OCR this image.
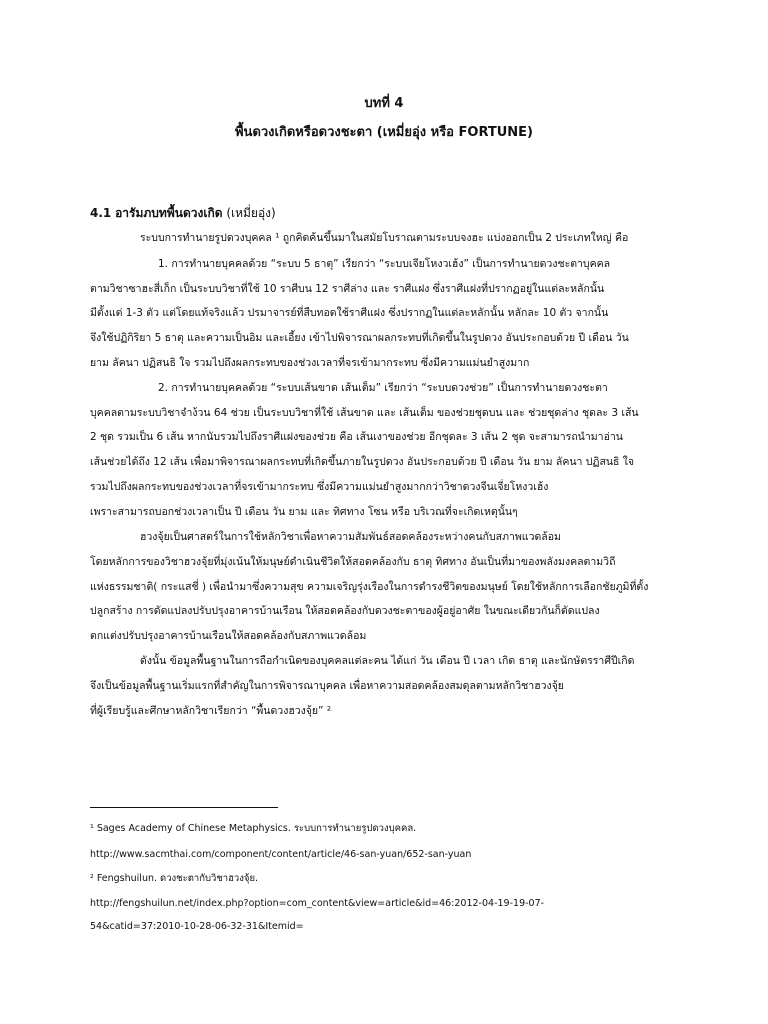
บทที่ 4
พื้นดวงเกิดหรือดวงชะตา (เหมี่ยอุ่ง หรือ FORTUNE)
4.1 อารัมภบทพื้นดวงเกิด (เหมี่ยอุ่ง)
ระบบการทำนายรูปดวงบุคคล ¹ ถูกคิดค้นขึ้นมาในสมัยโบราณตามระบบจงฮะ แบ่งออกเป็น 2 ประเภทใหญ่ คือ
1. การทำนายบุคคลด้วย “ระบบ 5 ธาตุ” เรียกว่า “ระบบเจียโหงวเฮ้ง” เป็นการทำนายดวงชะตาบุคคล
ตามวิชาซาฮะสี่เก็ก เป็นระบบวิชาที่ใช้ 10 ราศีบน 12 ราศีล่าง และ ราศีแฝง ซึ่งราศีแฝงที่ปรากฏอยู่ในแต่ละหลักนั้น
มีตั้งแต่ 1-3 ตัว แต่โดยแท้จริงแล้ว ปรมาจารย์ที่สืบทอดใช้ราศีแฝง ซึ่งปรากฏในแต่ละหลักนั้น หลักละ 10 ตัว จากนั้น
จึงใช้ปฏิกิริยา 5 ธาตุ และความเป็นอิม และเอี้ยง เข้าไปพิจารณาผลกระทบที่เกิดขึ้นในรูปดวง อันประกอบด้วย ปี เดือน วัน
ยาม ลัคนา ปฏิสนธิ ใจ รวมไปถึงผลกระทบของช่วงเวลาที่จรเข้ามากระทบ ซึ่งมีความแม่นยำสูงมาก
2. การทำนายบุคคลด้วย “ระบบเส้นขาด เส้นเต็ม” เรียกว่า “ระบบดวงช่วย” เป็นการทำนายดวงชะตา
บุคคลตามระบบวิชาจำง้วน 64 ช่วย เป็นระบบวิชาที่ใช้ เส้นขาด และ เส้นเต็ม ของช่วยชุดบน และ ช่วยชุดล่าง ชุดละ 3 เส้น
2 ชุด รวมเป็น 6 เส้น หากนับรวมไปถึงราศีแฝงของช่วย คือ เส้นเงาของช่วย อีกชุดละ 3 เส้น 2 ชุด จะสามารถนำมาอ่าน
เส้นช่วยได้ถึง 12 เส้น เพื่อมาพิจารณาผลกระทบที่เกิดขึ้นภายในรูปดวง อันประกอบด้วย ปี เดือน วัน ยาม ลัคนา ปฏิสนธิ ใจ
รวมไปถึงผลกระทบของช่วงเวลาที่จรเข้ามากระทบ ซึ่งมีความแม่นยำสูงมากกว่าวิชาดวงจีนเจี่ยโหงวเฮ้ง
เพราะสามารถบอกช่วงเวลาเป็น ปี เดือน วัน ยาม และ ทิศทาง โซน หรือ บริเวณที่จะเกิดเหตุนั้นๆ
ฮวงจุ้ยเป็นศาสตร์ในการใช้หลักวิชาเพื่อหาความสัมพันธ์สอดคล้องระหว่างคนกับสภาพแวดล้อม
โดยหลักการของวิชาฮวงจุ้ยที่มุ่งเน้นให้มนุษย์ดำเนินชีวิตให้สอดคล้องกับ ธาตุ ทิศทาง อันเป็นที่มาของพลังมงคลตามวิถี
แห่งธรรมชาติ( กระแสชี่ ) เพื่อนำมาซึ่งความสุข ความเจริญรุ่งเรืองในการดำรงชีวิตของมนุษย์ โดยใช้หลักการเลือกชัยภูมิที่ตั้ง
ปลูกสร้าง การดัดแปลงปรับปรุงอาคารบ้านเรือน ให้สอดคล้องกับดวงชะตาของผู้อยู่อาศัย ในขณะเดียวกันก็ดัดแปลง
ตกแต่งปรับปรุงอาคารบ้านเรือนให้สอดคล้องกับสภาพแวดล้อม
ดังนั้น ข้อมูลพื้นฐานในการถือกำเนิดของบุคคลแต่ละคน ได้แก่ วัน เดือน ปี เวลา เกิด ธาตุ และนักษัตรราศีปีเกิด
จึงเป็นข้อมูลพื้นฐานเริ่มแรกที่สำคัญในการพิจารณาบุคคล เพื่อหาความสอดคล้องสมดุลตามหลักวิชาฮวงจุ้ย
ที่ผู้เรียบรู้และศึกษาหลักวิชาเรียกว่า “พื้นดวงฮวงจุ้ย” ²
¹ Sages Academy of Chinese Metaphysics. ระบบการทำนายรูปดวงบุคคล.
http://www.sacmthai.com/component/content/article/46-san-yuan/652-san-yuan
² Fengshuilun. ดวงชะตากับวิชาฮวงจุ้ย.
http://fengshuilun.net/index.php?option=com_content&view=article&id=46:2012-04-19-19-07-
54&catid=37:2010-10-28-06-32-31&Itemid=
